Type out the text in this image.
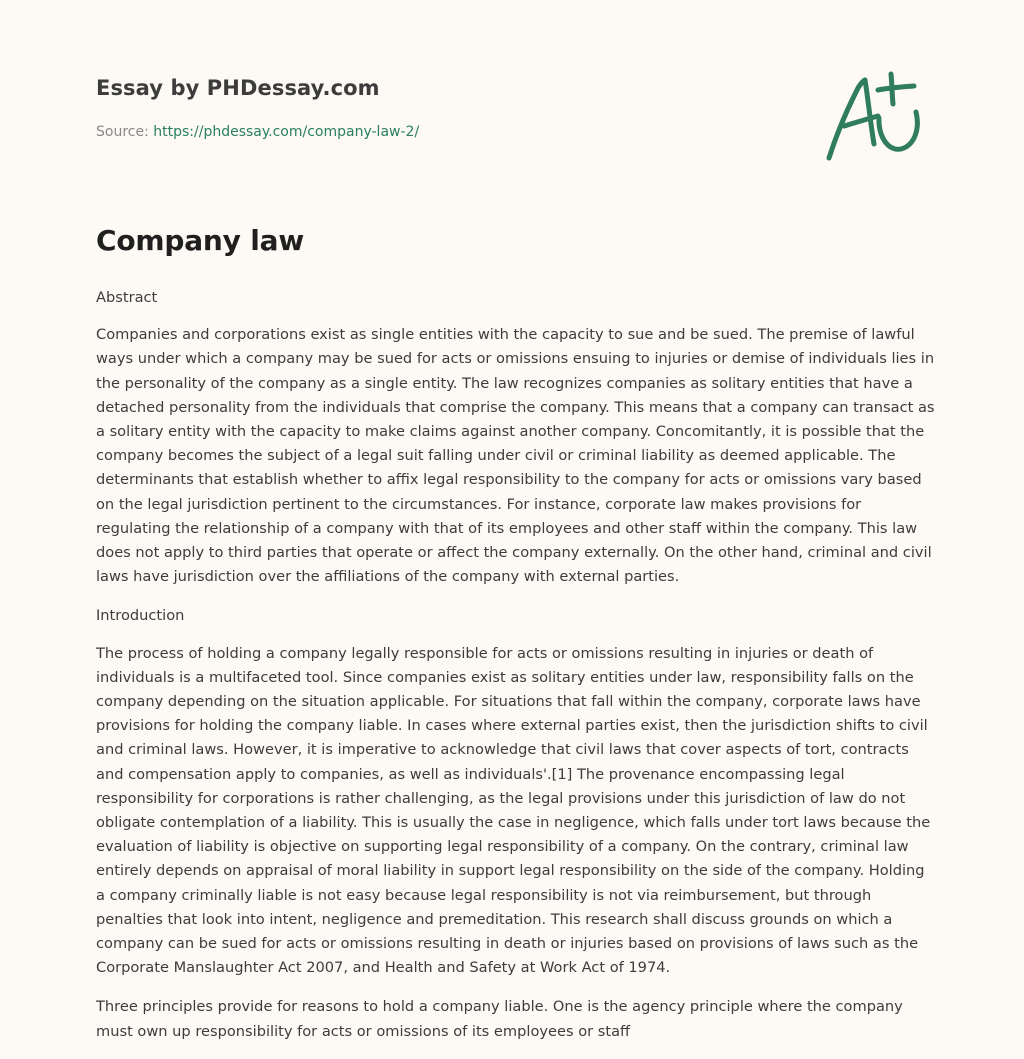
Essay by PHDessay.com
Source: https://phdessay.com/company-law-2/
Company law

Abstract

Companies and corporations exist as single entities with the capacity to sue and be sued. The premise of lawful ways under which a company may be sued for acts or omissions ensuing to injuries or demise of individuals lies in the personality of the company as a single entity. The law recognizes companies as solitary entities that have a detached personality from the individuals that comprise the company. This means that a company can transact as a solitary entity with the capacity to make claims against another company. Concomitantly, it is possible that the company becomes the subject of a legal suit falling under civil or criminal liability as deemed applicable. The determinants that establish whether to affix legal responsibility to the company for acts or omissions vary based on the legal jurisdiction pertinent to the circumstances. For instance, corporate law makes provisions for regulating the relationship of a company with that of its employees and other staff within the company. This law does not apply to third parties that operate or affect the company externally. On the other hand, criminal and civil laws have jurisdiction over the affiliations of the company with external parties.

Introduction

The process of holding a company legally responsible for acts or omissions resulting in injuries or death of individuals is a multifaceted tool. Since companies exist as solitary entities under law, responsibility falls on the company depending on the situation applicable. For situations that fall within the company, corporate laws have provisions for holding the company liable. In cases where external parties exist, then the jurisdiction shifts to civil and criminal laws. However, it is imperative to acknowledge that civil laws that cover aspects of tort, contracts and compensation apply to companies, as well as individuals'.[1] The provenance encompassing legal responsibility for corporations is rather challenging, as the legal provisions under this jurisdiction of law do not obligate contemplation of a liability. This is usually the case in negligence, which falls under tort laws because the evaluation of liability is objective on supporting legal responsibility of a company. On the contrary, criminal law entirely depends on appraisal of moral liability in support legal responsibility on the side of the company. Holding a company criminally liable is not easy because legal responsibility is not via reimbursement, but through penalties that look into intent, negligence and premeditation. This research shall discuss grounds on which a company can be sued for acts or omissions resulting in death or injuries based on provisions of laws such as the Corporate Manslaughter Act 2007, and Health and Safety at Work Act of 1974.

Three principles provide for reasons to hold a company liable. One is the agency principle where the company must own up responsibility for acts or omissions of its employees or staff
